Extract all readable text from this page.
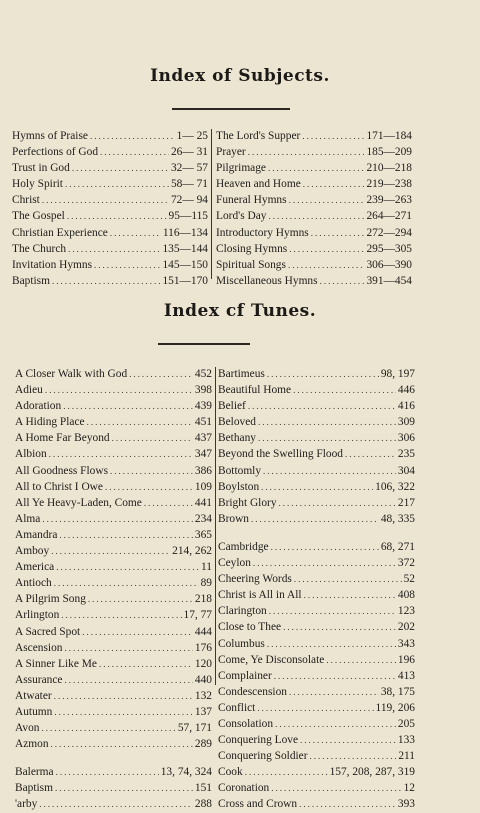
Index of Subjects.
Hymns of Praise .....	1— 25
Perfections of God .....	26— 31
Trust in God .....	32— 57
Holy Spirit .....	58— 71
Christ .....	72— 94
The Gospel .....	95—115
Christian Experience .....	116—134
The Church .....	135—144
Invitation Hymns .....	145—150
Baptism .....	151—170
The Lord's Supper .....	171—184
Prayer .....	185—209
Pilgrimage .....	210—218
Heaven and Home .....	219—238
Funeral Hymns .....	239—263
Lord's Day .....	264—271
Introductory Hymns .....	272—294
Closing Hymns .....	295—305
Spiritual Songs .....	306—390
Miscellaneous Hymns .....	391—454
Index cf Tunes.
A Closer Walk with God .....	452
Adieu .....	398
Adoration .....	439
A Hiding Place .....	451
A Home Far Beyond .....	437
Albion .....	347
All Goodness Flows .....	386
All to Christ I Owe .....	109
All Ye Heavy-Laden, Come .....	441
Alma .....	234
Amandra .....	365
Amboy .....	214, 262
America .....	11
Antioch .....	89
A Pilgrim Song .....	218
Arlington .....	17, 77
A Sacred Spot .....	444
Ascension .....	176
A Sinner Like Me .....	120
Assurance .....	440
Atwater .....	132
Autumn .....	137
Avon .....	57, 171
Azmon .....	289
Balerma .....	13, 74, 324
Baptism .....	151
'arby .....	288
Bartimeus .....	98, 197
Beautiful Home .....	446
Belief .....	416
Beloved .....	309
Bethany .....	306
Beyond the Swelling Flood .....	235
Bottomly .....	304
Boylston .....	106, 322
Bright Glory .....	217
Brown .....	48, 335
Cambridge .....	68, 271
Ceylon .....	372
Cheering Words .....	52
Christ is All in All .....	408
Clarington .....	123
Close to Thee .....	202
Columbus .....	343
Come, Ye Disconsolate .....	196
Complainer .....	413
Condescension .....	38, 175
Conflict .....	119, 206
Consolation .....	205
Conquering Love .....	133
Conquering Soldier .....	211
Cook .....	157, 208, 287, 319
Coronation .....	12
Cross and Crown .....	393
